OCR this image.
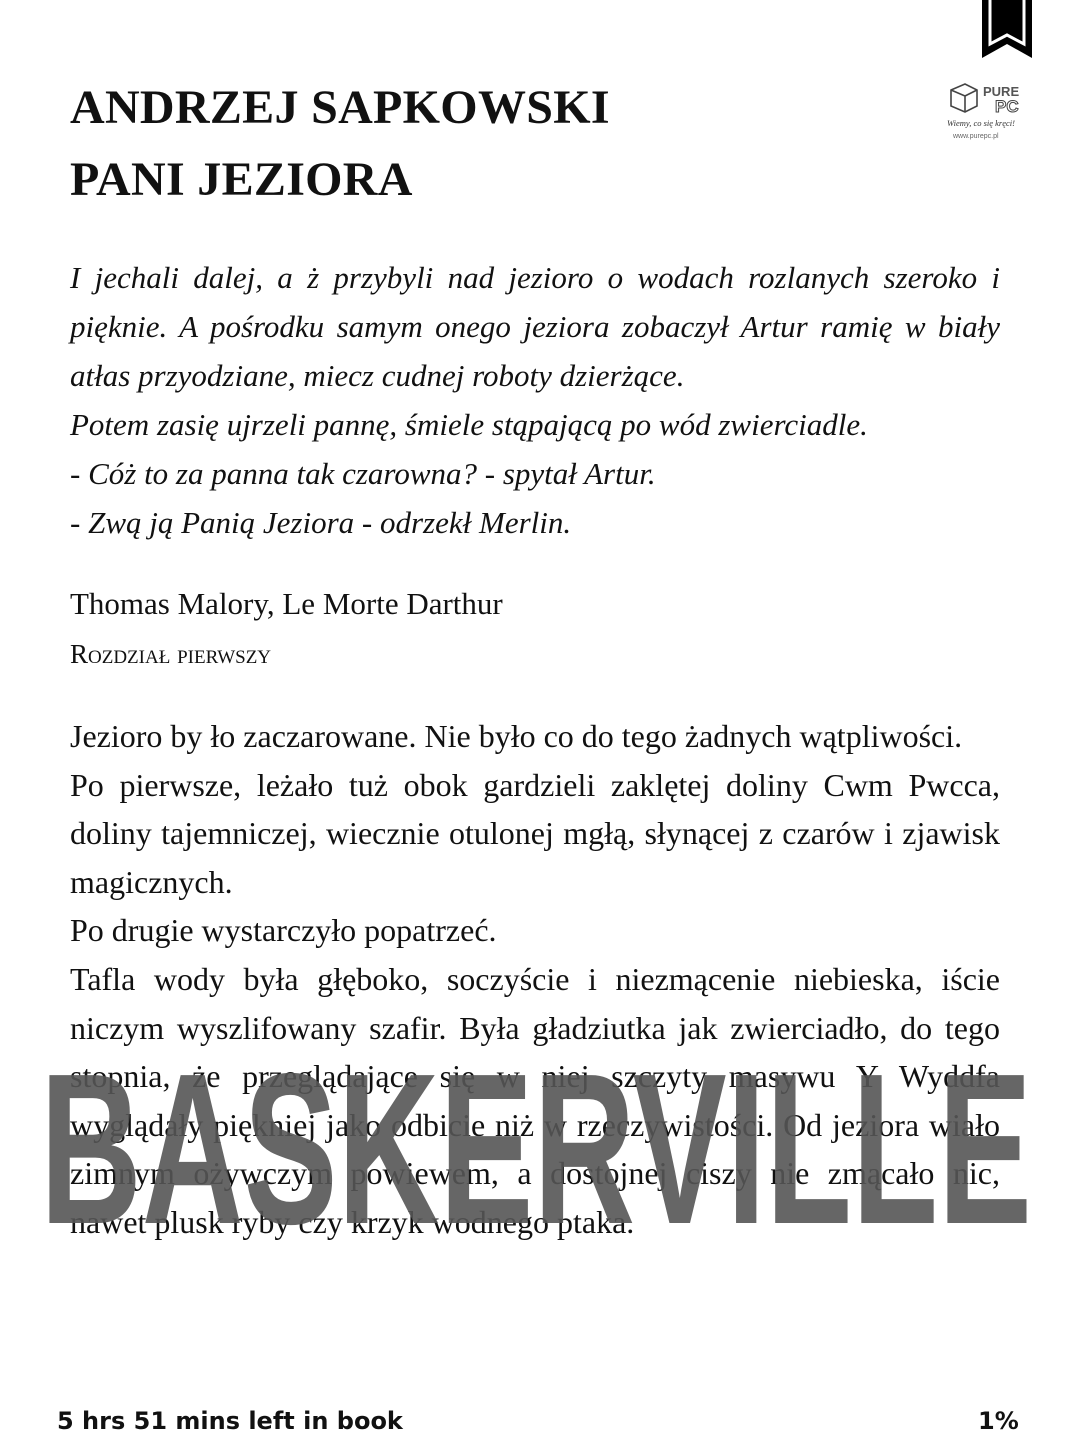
PURE
PC
Wiemy, co się kręci!
www.purepc.pl
ANDRZEJ SAPKOWSKI
PANI JEZIORA

I jechali dalej, a ż przybyli nad jezioro o wodach rozlanych szeroko i pięknie. A pośrodku samym onego jeziora zobaczył Artur ramię w biały atłas przyodziane, miecz cudnej roboty dzierżące.

Potem zasię ujrzeli pannę, śmiele stąpającą po wód zwierciadle.

- Cóż to za panna tak czarowna? - spytał Artur.

- Zwą ją Panią Jeziora - odrzekł Merlin.

Thomas Malory, Le Morte Darthur
Rozdział pierwszy

Jezioro by ło zaczarowane. Nie było co do tego żadnych wątpliwości.

Po pierwsze, leżało tuż obok gardzieli zaklętej doliny Cwm Pwcca, doliny tajemniczej, wiecznie otulonej mgłą, słynącej z czarów i zjawisk magicznych.

Po drugie wystarczyło popatrzeć.

Tafla wody była głęboko, soczyście i niezmącenie niebieska, iście niczym wyszlifowany szafir. Była gładziutka jak zwierciadło, do tego stopnia, że przeglądające się w niej szczyty masywu Y Wyddfa wyglądały piękniej jako odbicie niż w rzeczywistości. Od jeziora wiało zimnym ożywczym powiewem, a dostojnej ciszy nie zmącało nic, nawet plusk ryby czy krzyk wodnego ptaka.

BASKERVILLE
5 hrs 51 mins left in book	1%
